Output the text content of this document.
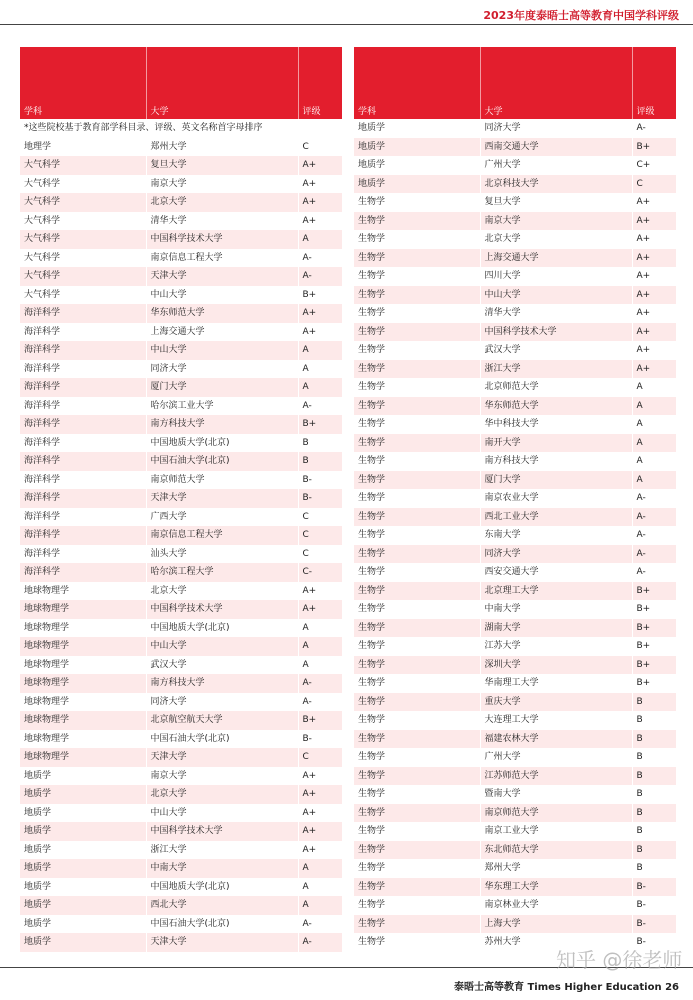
2023年度泰晤士高等教育中国学科评级
学科	大学	评级
*这些院校基于教育部学科目录、评级、英文名称首字母排序		
地理学	郑州大学	C
大气科学	复旦大学	A+
大气科学	南京大学	A+
大气科学	北京大学	A+
大气科学	清华大学	A+
大气科学	中国科学技术大学	A
大气科学	南京信息工程大学	A-
大气科学	天津大学	A-
大气科学	中山大学	B+
海洋科学	华东师范大学	A+
海洋科学	上海交通大学	A+
海洋科学	中山大学	A
海洋科学	同济大学	A
海洋科学	厦门大学	A
海洋科学	哈尔滨工业大学	A-
海洋科学	南方科技大学	B+
海洋科学	中国地质大学(北京)	B
海洋科学	中国石油大学(北京)	B
海洋科学	南京师范大学	B-
海洋科学	天津大学	B-
海洋科学	广西大学	C
海洋科学	南京信息工程大学	C
海洋科学	汕头大学	C
海洋科学	哈尔滨工程大学	C-
地球物理学	北京大学	A+
地球物理学	中国科学技术大学	A+
地球物理学	中国地质大学(北京)	A
地球物理学	中山大学	A
地球物理学	武汉大学	A
地球物理学	南方科技大学	A-
地球物理学	同济大学	A-
地球物理学	北京航空航天大学	B+
地球物理学	中国石油大学(北京)	B-
地球物理学	天津大学	C
地质学	南京大学	A+
地质学	北京大学	A+
地质学	中山大学	A+
地质学	中国科学技术大学	A+
地质学	浙江大学	A+
地质学	中南大学	A
地质学	中国地质大学(北京)	A
地质学	西北大学	A
地质学	中国石油大学(北京)	A-
地质学	天津大学	A-
学科	大学	评级
地质学	同济大学	A-
地质学	西南交通大学	B+
地质学	广州大学	C+
地质学	北京科技大学	C
生物学	复旦大学	A+
生物学	南京大学	A+
生物学	北京大学	A+
生物学	上海交通大学	A+
生物学	四川大学	A+
生物学	中山大学	A+
生物学	清华大学	A+
生物学	中国科学技术大学	A+
生物学	武汉大学	A+
生物学	浙江大学	A+
生物学	北京师范大学	A
生物学	华东师范大学	A
生物学	华中科技大学	A
生物学	南开大学	A
生物学	南方科技大学	A
生物学	厦门大学	A
生物学	南京农业大学	A-
生物学	西北工业大学	A-
生物学	东南大学	A-
生物学	同济大学	A-
生物学	西安交通大学	A-
生物学	北京理工大学	B+
生物学	中南大学	B+
生物学	湖南大学	B+
生物学	江苏大学	B+
生物学	深圳大学	B+
生物学	华南理工大学	B+
生物学	重庆大学	B
生物学	大连理工大学	B
生物学	福建农林大学	B
生物学	广州大学	B
生物学	江苏师范大学	B
生物学	暨南大学	B
生物学	南京师范大学	B
生物学	南京工业大学	B
生物学	东北师范大学	B
生物学	郑州大学	B
生物学	华东理工大学	B-
生物学	南京林业大学	B-
生物学	上海大学	B-
生物学	苏州大学	B-
知乎 @徐老师
泰晤士高等教育 Times Higher Education 26
